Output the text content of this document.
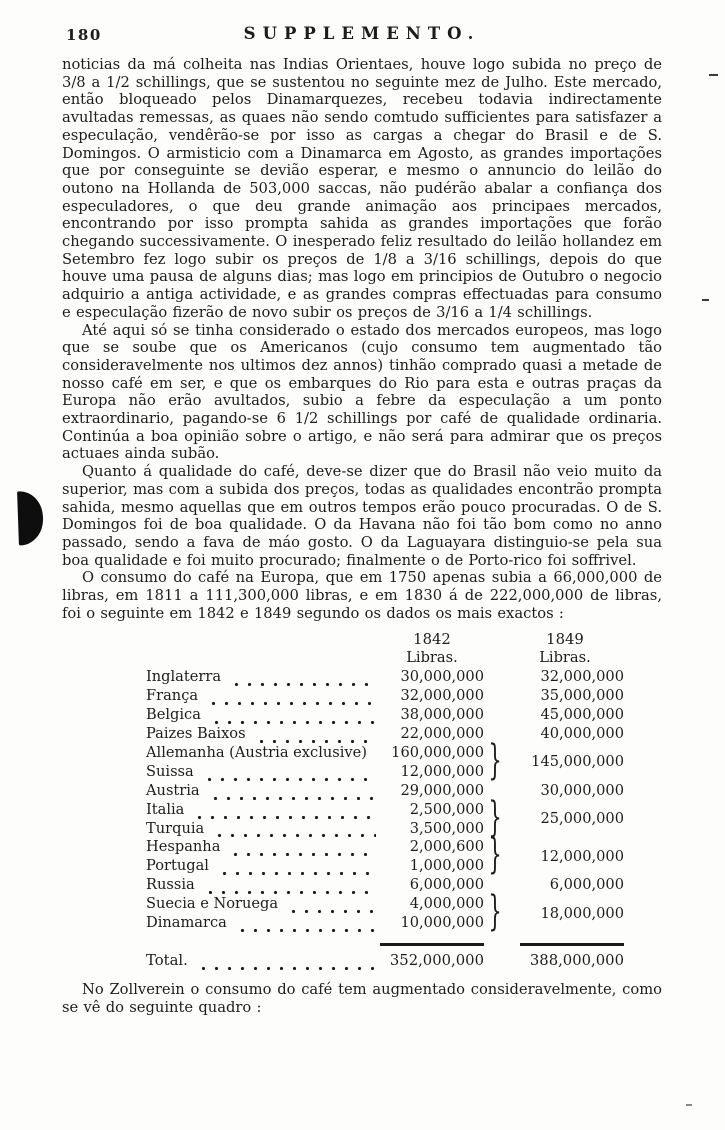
180	SUPPLEMENTO.

noticias da má colheita nas Indias Orientaes, houve logo subida no preço de 3/8 a 1/2 schillings, que se sustentou no seguinte mez de Julho. Este mercado, então bloqueado pelos Dinamarquezes, recebeu todavia indirectamente avultadas remessas, as quaes não sendo comtudo sufficientes para satisfazer a especulação, vendêrão-se por isso as cargas a chegar do Brasil e de S. Domingos. O armisticio com a Dinamarca em Agosto, as grandes importações que por conseguinte se devião esperar, e mesmo o annuncio do leilão do outono na Hollanda de 503,000 saccas, não pudérão abalar a confiança dos especuladores, o que deu grande animação aos principaes mercados, encontrando por isso prompta sahida as grandes importações que forão chegando successivamente. O inesperado feliz resultado do leilão hollandez em Setembro fez logo subir os preços de 1/8 a 3/16 schillings, depois do que houve uma pausa de alguns dias; mas logo em principios de Outubro o negocio adquirio a antiga actividade, e as grandes compras effectuadas para consumo e especulação fizerão de novo subir os preços de 3/16 a 1/4 schillings.

Até aqui só se tinha considerado o estado dos mercados europeos, mas logo que se soube que os Americanos (cujo consumo tem augmentado tão consideravelmente nos ultimos dez annos) tinhão comprado quasi a metade de nosso café em ser, e que os embarques do Rio para esta e outras praças da Europa não erão avultados, subio a febre da especulação a um ponto extraordinario, pagando-se 6 1/2 schillings por café de qualidade ordinaria. Continúa a boa opinião sobre o artigo, e não será para admirar que os preços actuaes ainda subão.

Quanto á qualidade do café, deve-se dizer que do Brasil não veio muito da superior, mas com a subida dos preços, todas as qualidades encontrão prompta sahida, mesmo aquellas que em outros tempos erão pouco procuradas. O de S. Domingos foi de boa qualidade. O da Havana não foi tão bom como no anno passado, sendo a fava de máo gosto. O da Laguayara distinguio-se pela sua boa qualidade e foi muito procurado; finalmente o de Porto-rico foi soffrivel.

O consumo do café na Europa, que em 1750 apenas subia a 66,000,000 de libras, em 1811 a 111,300,000 libras, e em 1830 á de 222,000,000 de libras, foi o seguinte em 1842 e 1849 segundo os dados os mais exactos :

	1842		1849
	Libras.		Libras.

Inglaterra	30,000,000		32,000,000

França	32,000,000		35,000,000

Belgica	38,000,000		45,000,000

Paizes Baixos	22,000,000		40,000,000

Allemanha (Austria exclusive)	160,000,000	}	145,000,000

Suissa	12,000,000		

Austria	29,000,000		30,000,000

Italia	2,500,000	}	25,000,000

Turquia	3,500,000		

Hespanha	2,000,600	}	12,000,000

Portugal	1,000,000		

Russia	6,000,000		6,000,000

Suecia e Noruega	4,000,000	}	18,000,000

Dinamarca	10,000,000		

Total.	352,000,000		388,000,000

No Zollverein o consumo do café tem augmentado consideravelmente, como se vê do seguinte quadro :
